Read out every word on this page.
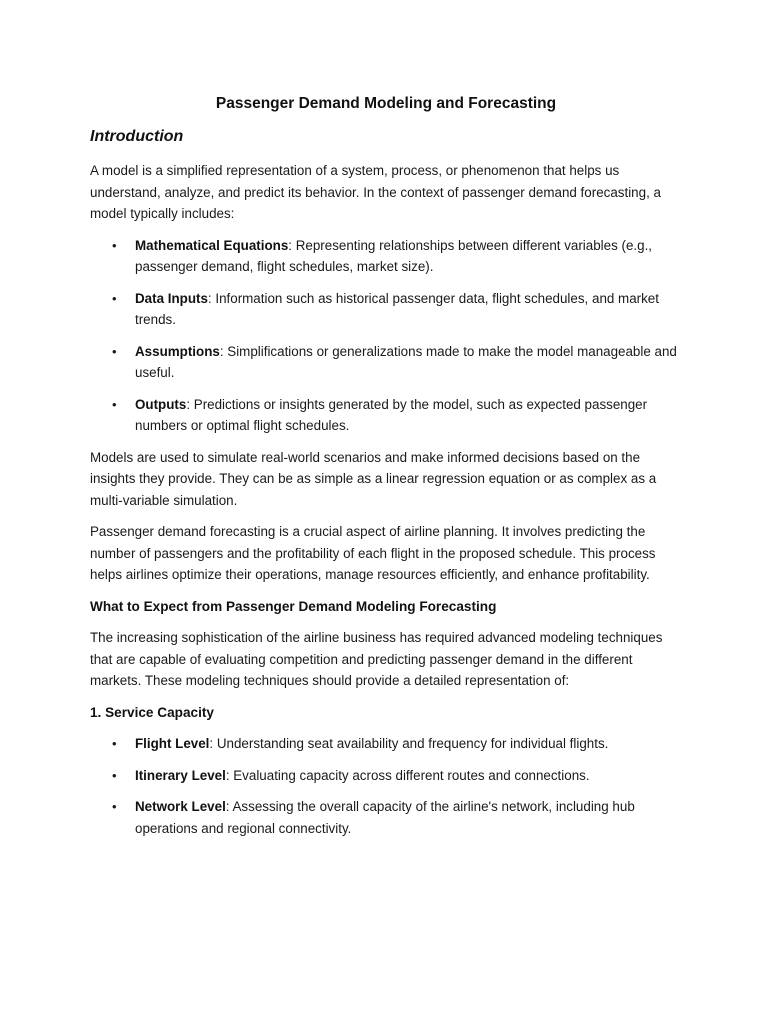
Passenger Demand Modeling and Forecasting
Introduction

A model is a simplified representation of a system, process, or phenomenon that helps us understand, analyze, and predict its behavior. In the context of passenger demand forecasting, a model typically includes:

• Mathematical Equations: Representing relationships between different variables (e.g., passenger demand, flight schedules, market size).
• Data Inputs: Information such as historical passenger data, flight schedules, and market trends.
• Assumptions: Simplifications or generalizations made to make the model manageable and useful.
• Outputs: Predictions or insights generated by the model, such as expected passenger numbers or optimal flight schedules.

Models are used to simulate real-world scenarios and make informed decisions based on the insights they provide. They can be as simple as a linear regression equation or as complex as a multi-variable simulation.

Passenger demand forecasting is a crucial aspect of airline planning. It involves predicting the number of passengers and the profitability of each flight in the proposed schedule. This process helps airlines optimize their operations, manage resources efficiently, and enhance profitability.

What to Expect from Passenger Demand Modeling Forecasting

The increasing sophistication of the airline business has required advanced modeling techniques that are capable of evaluating competition and predicting passenger demand in the different markets. These modeling techniques should provide a detailed representation of:

1. Service Capacity
• Flight Level: Understanding seat availability and frequency for individual flights.
• Itinerary Level: Evaluating capacity across different routes and connections.
• Network Level: Assessing the overall capacity of the airline's network, including hub operations and regional connectivity.
